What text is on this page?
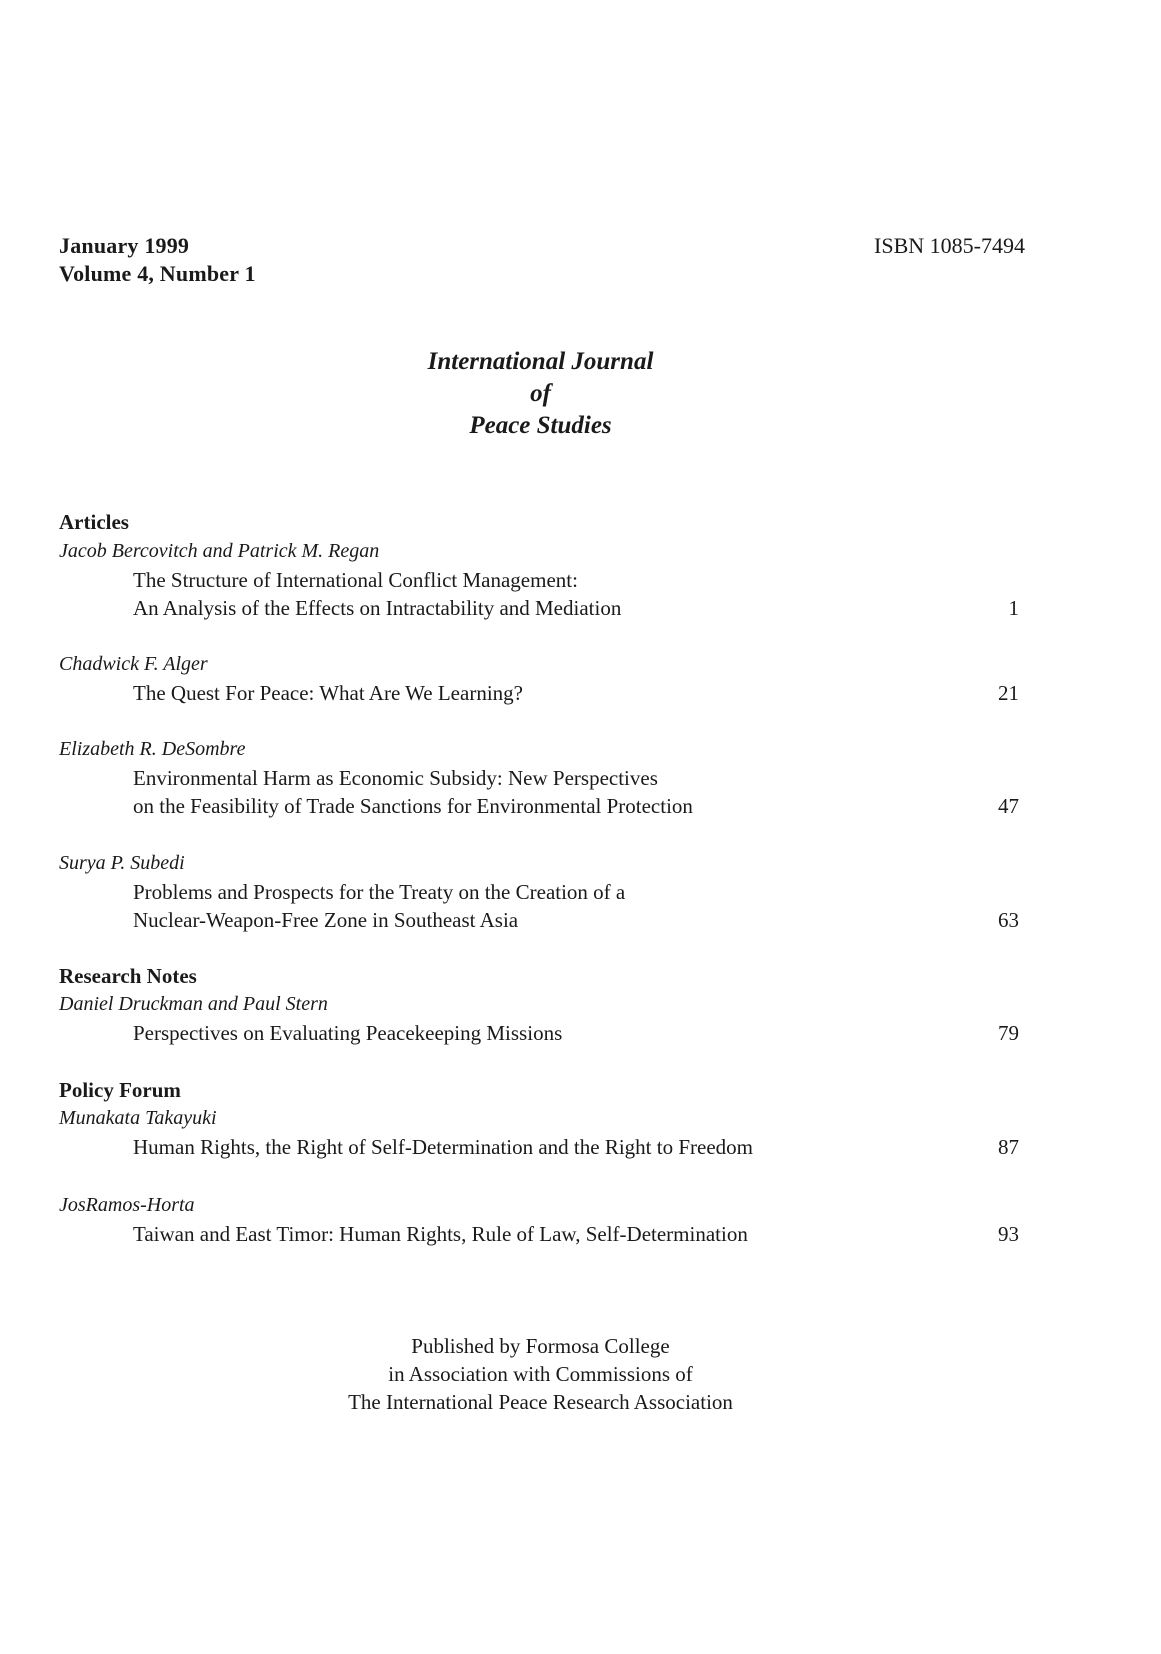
January 1999
Volume 4, Number 1
ISBN 1085-7494
International Journal
of
Peace Studies
Articles
Jacob Bercovitch and Patrick M. Regan
The Structure of International Conflict Management:
An Analysis of the Effects on Intractability and Mediation	1
Chadwick F. Alger
The Quest For Peace: What Are We Learning?	21
Elizabeth R. DeSombre
Environmental Harm as Economic Subsidy: New Perspectives
on the Feasibility of Trade Sanctions for Environmental Protection	47
Surya P. Subedi
Problems and Prospects for the Treaty on the Creation of a
Nuclear-Weapon-Free Zone in Southeast Asia	63
Research Notes
Daniel Druckman and Paul Stern
Perspectives on Evaluating Peacekeeping Missions	79
Policy Forum
Munakata Takayuki
Human Rights, the Right of Self-Determination and the Right to Freedom	87
JosRamos-Horta
Taiwan and East Timor: Human Rights, Rule of Law, Self-Determination	93
Published by Formosa College
in Association with Commissions of
The International Peace Research Association
